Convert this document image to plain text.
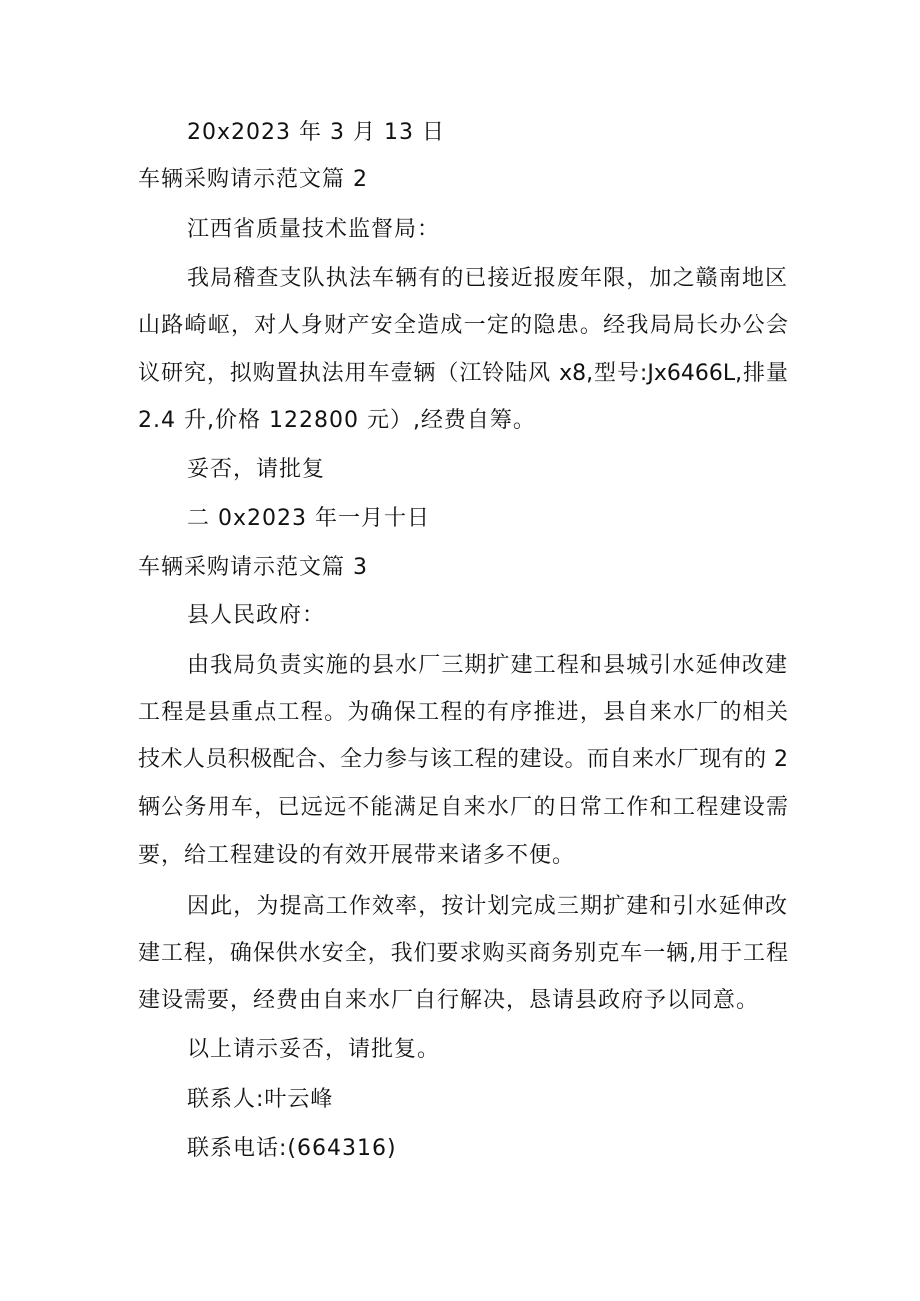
20x2023 年 3 月 13 日
车辆采购请示范文篇 2
江西省质量技术监督局：
我局稽查支队执法车辆有的已接近报废年限，加之赣南地区
山路崎岖，对人身财产安全造成一定的隐患。经我局局长办公会
议研究，拟购置执法用车壹辆（江铃陆风 x8,型号:Jx6466L,排量
2.4 升,价格 122800 元）,经费自筹。
妥否，请批复
二 0x2023 年一月十日
车辆采购请示范文篇 3
县人民政府：
由我局负责实施的县水厂三期扩建工程和县城引水延伸改建
工程是县重点工程。为确保工程的有序推进，县自来水厂的相关
技术人员积极配合、全力参与该工程的建设。而自来水厂现有的 2
辆公务用车，已远远不能满足自来水厂的日常工作和工程建设需
要，给工程建设的有效开展带来诸多不便。
因此，为提高工作效率，按计划完成三期扩建和引水延伸改
建工程，确保供水安全，我们要求购买商务别克车一辆,用于工程
建设需要，经费由自来水厂自行解决，恳请县政府予以同意。
以上请示妥否，请批复。
联系人:叶云峰
联系电话:(664316)
